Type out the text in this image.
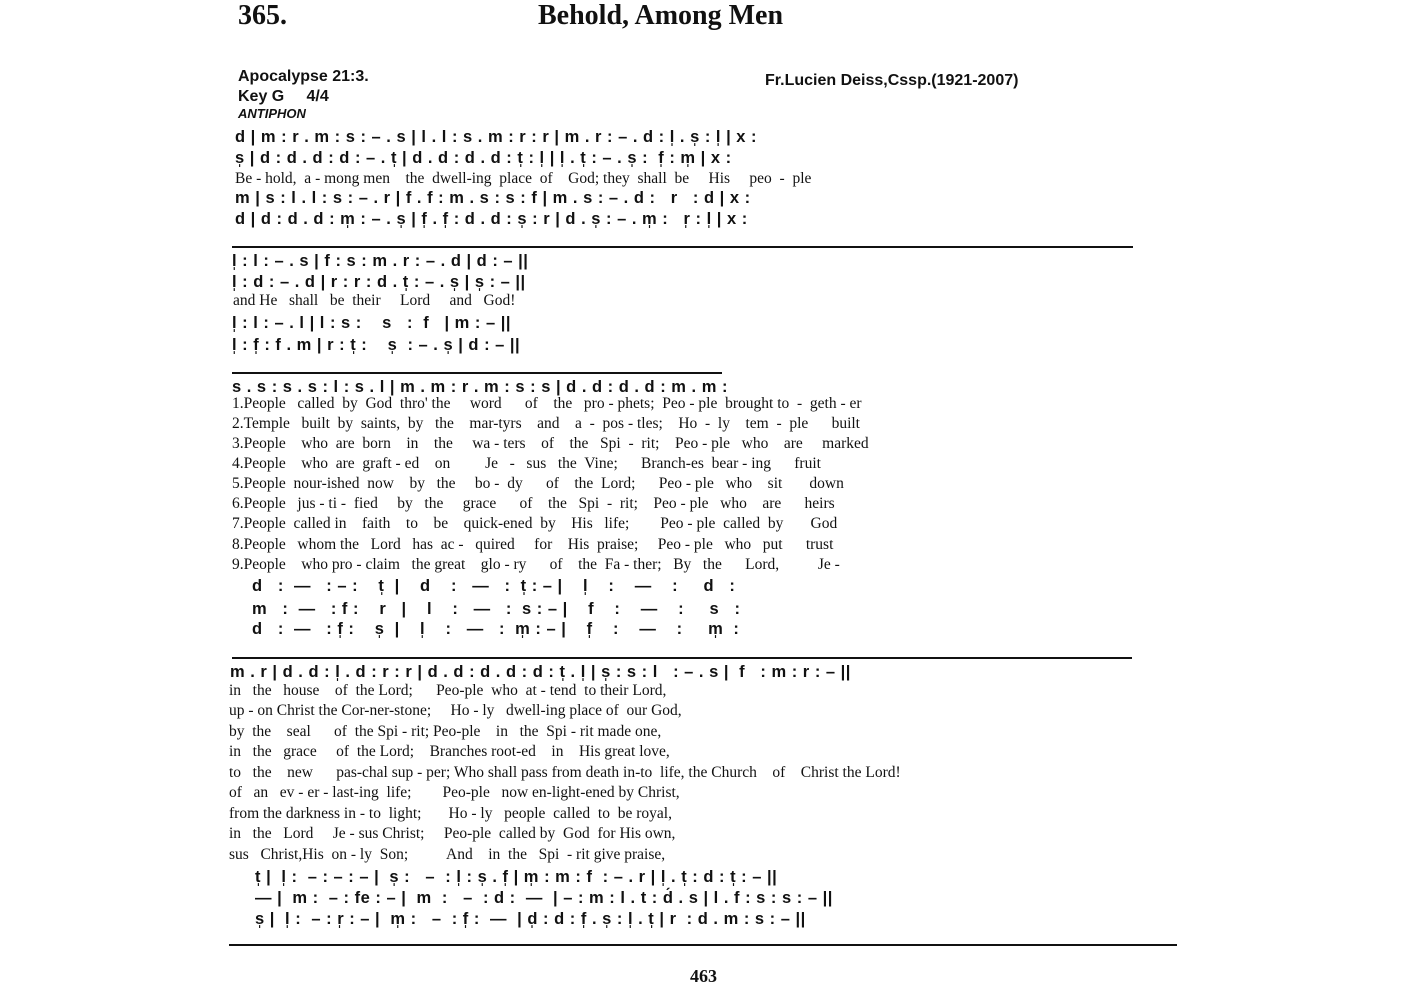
365.	Behold, Among Men
Apocalypse 21:3.	Fr.Lucien Deiss,Cssp.(1921-2007)
Key G     4/4
ANTIPHON
d | m : r . m : s : – . s | l . l : s . m : r : r | m . r : – . d : l̩ . s̩ : l̩ | x :
s̩ | d : d . d : d : – . t̩ | d . d : d . d : t̩ : l̩ | l̩ . t̩ : – . s̩ :  f̩ : m̩ | x :
Be - hold,  a - mong men    the  dwell-ing  place  of    God; they  shall  be     His     peo  -  ple
m | s : l . l : s : – . r | f . f : m . s : s : f | m . s : – . d :   r   : d | x :
d | d : d . d : m̩ : – . s̩ | f̩ . f̩ : d . d : s̩ : r | d . s̩ : – . m̩ :   r̩ : l̩ | x :
l̩ : l : – . s | f : s : m . r : – . d | d : – ||
l̩ : d : – . d | r : r : d . t̩ : – . s̩ | s̩ : – ||
and He   shall   be  their     Lord     and   God!
l̩ : l : – . l | l : s :    s   :  f   | m : – ||
l̩ : f̩ : f . m | r : t̩ :    s̩  : – . s̩ | d : – ||
s . s : s . s : l : s . l | m . m : r . m : s : s | d . d : d . d : m . m :
1.People   called  by  God  thro' the     word      of    the   pro - phets;  Peo - ple  brought to  -  geth - er
2.Temple   built  by  saints,  by   the    mar-tyrs    and    a  -  pos - tles;    Ho  -  ly    tem  -  ple      built
3.People    who  are  born    in    the     wa - ters    of    the   Spi  -  rit;    Peo - ple   who    are     marked
4.People    who  are  graft - ed    on         Je   -   sus   the  Vine;      Branch-es  bear - ing      fruit
5.People  nour-ished  now    by   the     bo -  dy      of    the  Lord;      Peo - ple   who    sit       down
6.People   jus - ti -  fied     by   the     grace      of    the   Spi  -  rit;    Peo - ple   who    are      heirs
7.People  called in    faith    to    be    quick-ened  by    His   life;        Peo - ple  called  by       God
8.People   whom the   Lord   has  ac -   quired     for    His  praise;     Peo - ple   who   put      trust
9.People    who pro - claim   the great    glo - ry      of    the  Fa - ther;   By   the      Lord,          Je -
d   :  —   : – :    t̩  |    d    :   —   :  t̩ : – |    l̩    :    —    :     d   :
m   :  —   : f :    r   |    l    :   —   :  s : – |    f    :    —    :     s   :
d   :  —   : f̩ :    s̩  |    l̩    :   —   :  m̩ : – |    f̩    :    —    :     m̩  :
m . r | d . d : l̩ . d : r : r | d . d : d . d : d : t̩ . l̩ | s̩ : s : l   : – . s |  f   : m : r : – ||
in   the   house    of  the Lord;      Peo-ple  who  at - tend  to their Lord,
up - on Christ the Cor-ner-stone;     Ho - ly   dwell-ing place of  our God,
by  the    seal      of  the Spi - rit; Peo-ple    in   the  Spi - rit made one,
in   the   grace     of  the Lord;    Branches root-ed    in    His great love,
to   the    new      pas-chal sup - per; Who shall pass from death in-to  life, the Church    of    Christ the Lord!
of   an   ev - er - last-ing  life;        Peo-ple   now en-light-ened by Christ,
from the darkness in - to  light;       Ho - ly   people  called  to  be royal,
in   the   Lord     Je - sus Christ;     Peo-ple  called by  God  for His own,
sus   Christ,His  on - ly  Son;          And    in  the   Spi  - rit give praise,
t̩ |  l̩ :  – : – : – |  s̩ :   –  : l̩ : s̩ . f̩ | m̩ : m : f  : – . r | l̩ . t̩ : d : t̩ : – ||
— |  m :  – : fe : – |  m  :   –  : d :  —  | – : m : l . t : d́ . s | l . f : s : s : – ||
s̩ |  l̩ :  – : r̩ : – |  m̩ :   –  : f̩ :  —  | d̩ : d : f̩ . s̩ : l̩ . t̩ | r  : d . m : s : – ||
463
